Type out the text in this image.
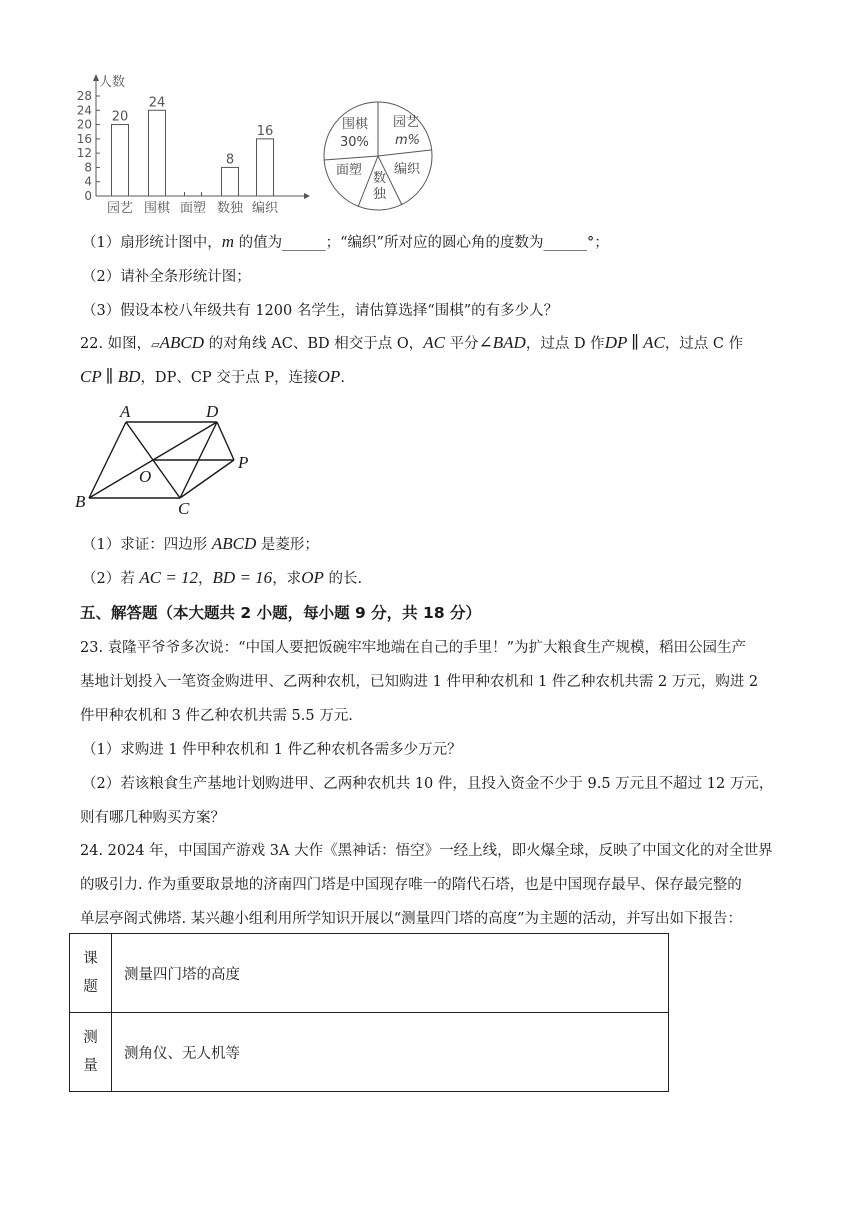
人数
0
4
8
12
16
20
24
28
20
园艺
24
围棋 面塑
8
数独
16
编织
围棋
30%
园艺
m%
面塑
数
独
编织
（1）扇形统计图中，m 的值为______；“编织”所对应的圆心角的度数为______°；
（2）请补全条形统计图；
（3）假设本校八年级共有 1200 名学生，请估算选择“围棋”的有多少人？
22. 如图，▱ABCD 的对角线 AC、BD 相交于点 O，AC 平分∠BAD，过点 D 作DP ∥ AC，过点 C 作
CP ∥ BD，DP、CP 交于点 P，连接OP.
A	D
O
P
B	C
（1）求证：四边形 ABCD 是菱形；
（2）若 AC = 12，BD = 16，求OP 的长.
五、解答题（本大题共 2 小题，每小题 9 分，共 18 分）
23. 袁隆平爷爷多次说：“中国人要把饭碗牢牢地端在自己的手里！”为扩大粮食生产规模，稻田公园生产
基地计划投入一笔资金购进甲、乙两种农机，已知购进 1 件甲种农机和 1 件乙种农机共需 2 万元，购进 2
件甲种农机和 3 件乙种农机共需 5.5 万元.
（1）求购进 1 件甲种农机和 1 件乙种农机各需多少万元？
（2）若该粮食生产基地计划购进甲、乙两种农机共 10 件，且投入资金不少于 9.5 万元且不超过 12 万元，
则有哪几种购买方案？
24. 2024 年，中国国产游戏 3A 大作《黑神话：悟空》一经上线，即火爆全球，反映了中国文化的对全世界
的吸引力. 作为重要取景地的济南四门塔是中国现存唯一的隋代石塔，也是中国现存最早、保存最完整的
单层亭阁式佛塔. 某兴趣小组利用所学知识开展以“测量四门塔的高度”为主题的活动，并写出如下报告：
课
题	测量四门塔的高度
测
量	测角仪、无人机等
